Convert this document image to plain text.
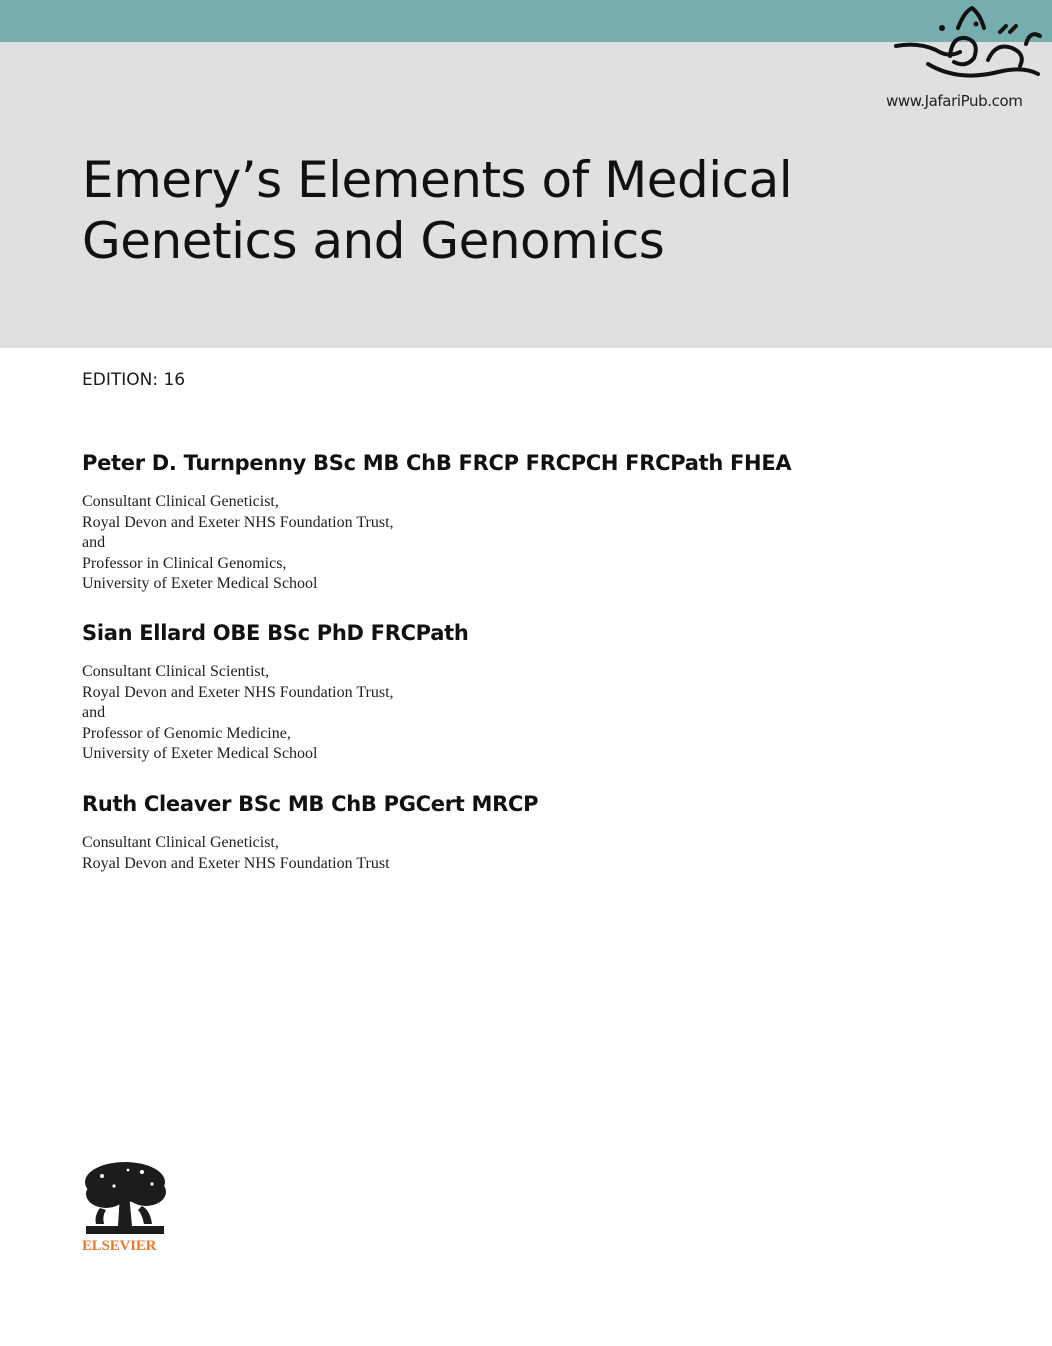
www.JafariPub.com
Emery’s Elements of Medical
Genetics and Genomics
EDITION: 16
Peter D. Turnpenny BSc MB ChB FRCP FRCPCH FRCPath FHEA
Consultant Clinical Geneticist,
Royal Devon and Exeter NHS Foundation Trust,
and
Professor in Clinical Genomics,
University of Exeter Medical School
Sian Ellard OBE BSc PhD FRCPath
Consultant Clinical Scientist,
Royal Devon and Exeter NHS Foundation Trust,
and
Professor of Genomic Medicine,
University of Exeter Medical School
Ruth Cleaver BSc MB ChB PGCert MRCP
Consultant Clinical Geneticist,
Royal Devon and Exeter NHS Foundation Trust
ELSEVIER
